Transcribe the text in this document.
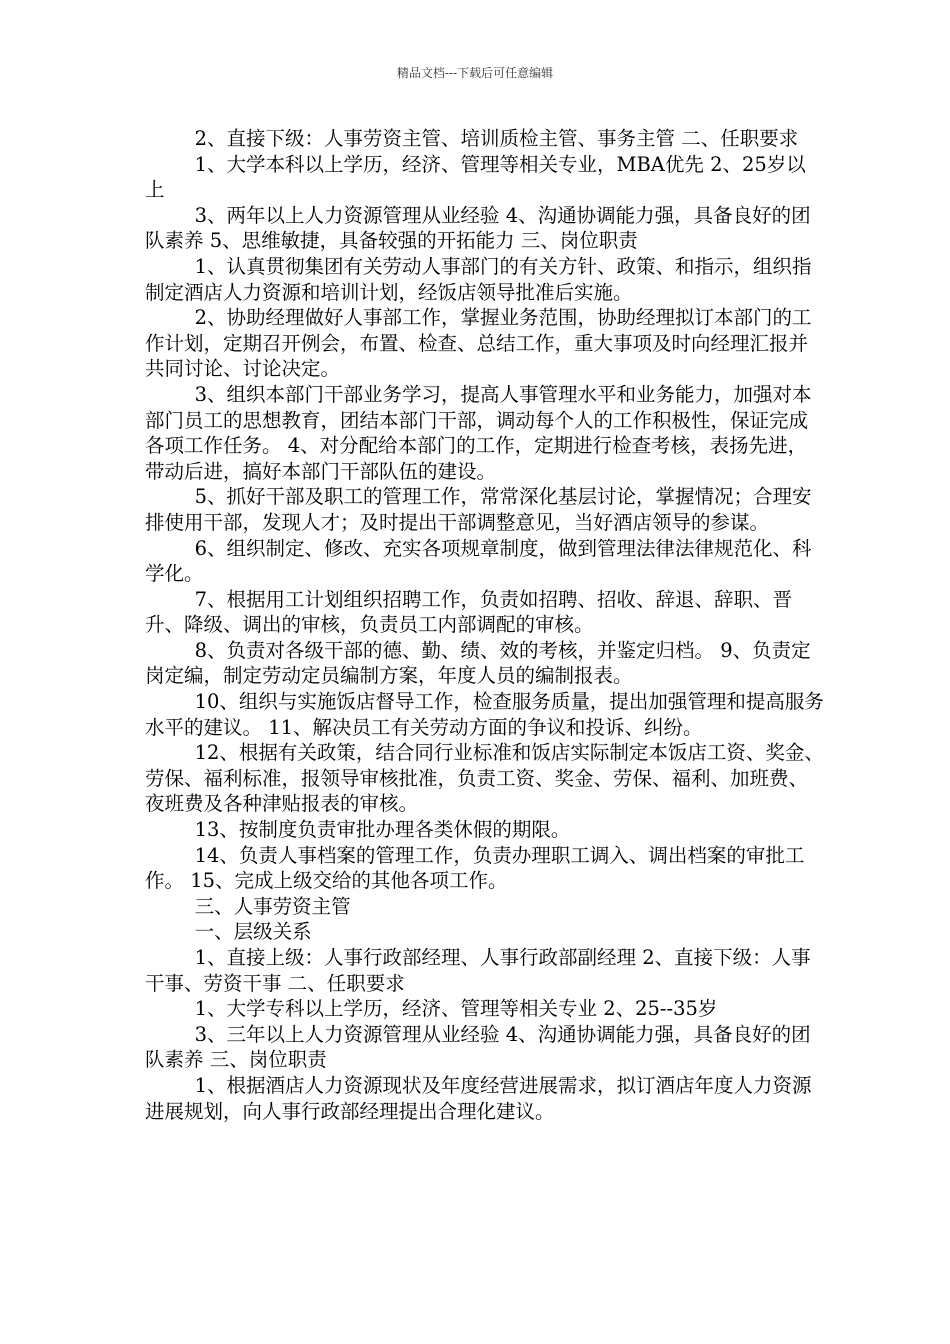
精品文档---下载后可任意编辑

2、直接下级：人事劳资主管、培训质检主管、事务主管 二、任职要求

1、大学本科以上学历，经济、管理等相关专业，MBA优先 2、25岁以上

3、两年以上人力资源管理从业经验 4、沟通协调能力强，具备良好的团队素养 5、思维敏捷，具备较强的开拓能力 三、岗位职责

1、认真贯彻集团有关劳动人事部门的有关方针、政策、和指示，组织指制定酒店人力资源和培训计划，经饭店领导批准后实施。

2、协助经理做好人事部工作，掌握业务范围，协助经理拟订本部门的工作计划，定期召开例会，布置、检查、总结工作，重大事项及时向经理汇报并共同讨论、讨论决定。

3、组织本部门干部业务学习，提高人事管理水平和业务能力，加强对本部门员工的思想教育，团结本部门干部，调动每个人的工作积极性，保证完成各项工作任务。 4、对分配给本部门的工作，定期进行检查考核，表扬先进，带动后进，搞好本部门干部队伍的建设。

5、抓好干部及职工的管理工作，常常深化基层讨论，掌握情况；合理安排使用干部，发现人才；及时提出干部调整意见，当好酒店领导的参谋。

6、组织制定、修改、充实各项规章制度，做到管理法律法律规范化、科学化。

7、根据用工计划组织招聘工作，负责如招聘、招收、辞退、辞职、晋升、降级、调出的审核，负责员工内部调配的审核。

8、负责对各级干部的德、勤、绩、效的考核，并鉴定归档。 9、负责定岗定编，制定劳动定员编制方案，年度人员的编制报表。

10、组织与实施饭店督导工作，检查服务质量，提出加强管理和提高服务水平的建议。 11、解决员工有关劳动方面的争议和投诉、纠纷。

12、根据有关政策，结合同行业标准和饭店实际制定本饭店工资、奖金、劳保、福利标准，报领导审核批准，负责工资、奖金、劳保、福利、加班费、夜班费及各种津贴报表的审核。

13、按制度负责审批办理各类休假的期限。

14、负责人事档案的管理工作，负责办理职工调入、调出档案的审批工作。 15、完成上级交给的其他各项工作。

三、人事劳资主管

一、层级关系

1、直接上级：人事行政部经理、人事行政部副经理 2、直接下级：人事干事、劳资干事 二、任职要求

1、大学专科以上学历，经济、管理等相关专业 2、25--35岁

3、三年以上人力资源管理从业经验 4、沟通协调能力强，具备良好的团队素养 三、岗位职责

1、根据酒店人力资源现状及年度经营进展需求，拟订酒店年度人力资源进展规划，向人事行政部经理提出合理化建议。
